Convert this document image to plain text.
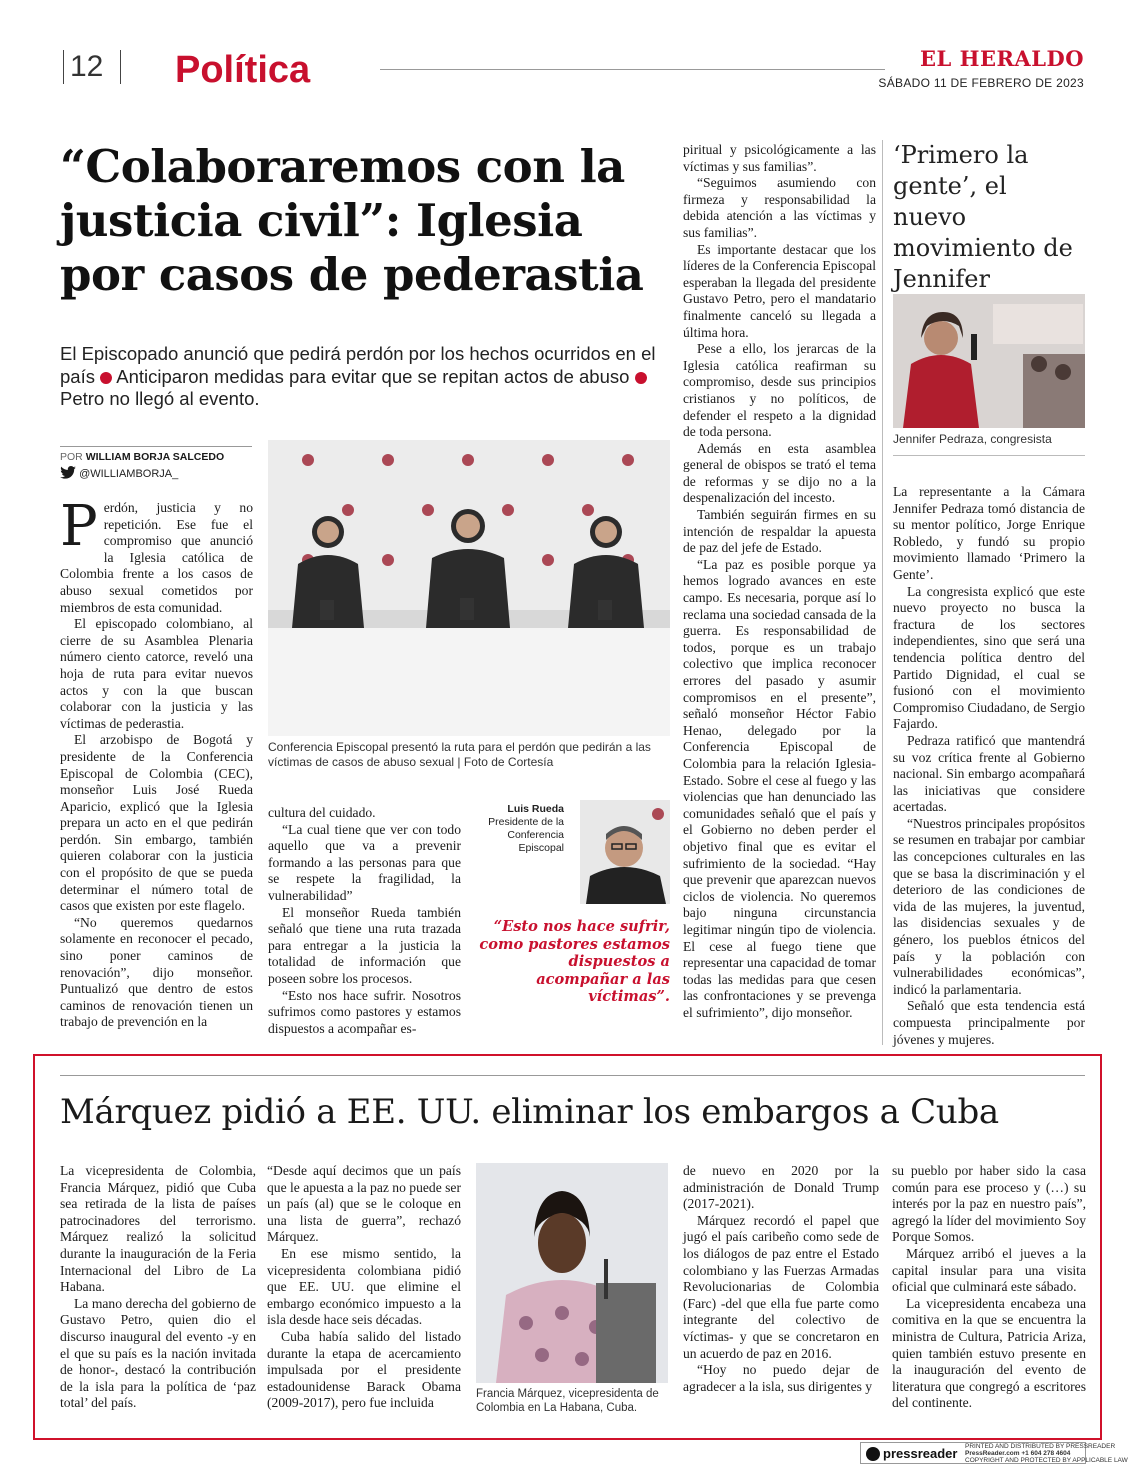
12 Política	EL HERALDO
SÁBADO 11 DE FEBRERO DE 2023
“Colaboraremos con la justicia civil”: Iglesia por casos de pederastia
El Episcopado anunció que pedirá perdón por los hechos ocurridos en el país Anticiparon medidas para evitar que se repitan actos de abuso  Petro no llegó al evento.
POR WILLIAM BORJA SALCEDO
@WILLIAMBORJA_

Perdón, justicia y no repetición. Ese fue el compromiso que anunció la Iglesia católica de Colombia frente a los casos de abuso sexual cometidos por miembros de esta comunidad.

El episcopado colombiano, al cierre de su Asamblea Plenaria número ciento catorce, reveló una hoja de ruta para evitar nuevos actos y con la que buscan colaborar con la justicia y las víctimas de pederastia.

El arzobispo de Bogotá y presidente de la Conferencia Episcopal de Colombia (CEC), monseñor Luis José Rueda Aparicio, explicó que la Iglesia prepara un acto en el que pedirán perdón. Sin embargo, también quieren colaborar con la justicia con el propósito de que se pueda determinar el número total de casos que existen por este flagelo.

“No queremos quedarnos solamente en reconocer el pecado, sino poner caminos de renovación”, dijo monseñor. Puntualizó que dentro de estos caminos de renovación tienen un trabajo de prevención en la

Conferencia Episcopal presentó la ruta para el perdón que pedirán a las víctimas de casos de abuso sexual | Foto de Cortesía

cultura del cuidado.

“La cual tiene que ver con todo aquello que va a prevenir formando a las personas para que se respete la fragilidad, la vulnerabilidad”

El monseñor Rueda también señaló que tiene una ruta trazada para entregar a la justicia la totalidad de información que poseen sobre los procesos.

“Esto nos hace sufrir. Nosotros sufrimos como pastores y estamos dispuestos a acompañar es-

Luis Rueda
Presidente de la Conferencia Episcopal
“Esto nos hace sufrir, como pastores estamos dispuestos a acompañar a las víctimas”.

piritual y psicológicamente a las víctimas y sus familias”.

“Seguimos asumiendo con firmeza y responsabilidad la debida atención a las víctimas y sus familias”.

Es importante destacar que los líderes de la Conferencia Episcopal esperaban la llegada del presidente Gustavo Petro, pero el mandatario finalmente canceló su llegada a última hora.

Pese a ello, los jerarcas de la Iglesia católica reafirman su compromiso, desde sus principios cristianos y no políticos, de defender el respeto a la dignidad de toda persona.

Además en esta asamblea general de obispos se trató el tema de reformas y se dijo no a la despenalización del incesto.

También seguirán firmes en su intención de respaldar la apuesta de paz del jefe de Estado.

“La paz es posible porque ya hemos logrado avances en este campo. Es necesaria, porque así lo reclama una sociedad cansada de la guerra. Es responsabilidad de todos, porque es un trabajo colectivo que implica reconocer errores del pasado y asumir compromisos en el presente”, señaló monseñor Héctor Fabio Henao, delegado por la Conferencia Episcopal de Colombia para la relación Iglesia-Estado. Sobre el cese al fuego y las violencias que han denunciado las comunidades señaló que el país y el Gobierno no deben perder el objetivo final que es evitar el sufrimiento de la sociedad. “Hay que prevenir que aparezcan nuevos ciclos de violencia. No queremos bajo ninguna circunstancia legitimar ningún tipo de violencia. El cese al fuego tiene que representar una capacidad de tomar todas las medidas para que cesen las confrontaciones y se prevenga el sufrimiento”, dijo monseñor.

‘Primero la gente’, el nuevo movimiento de Jennifer
Jennifer Pedraza, congresista

La representante a la Cámara Jennifer Pedraza tomó distancia de su mentor político, Jorge Enrique Robledo, y fundó su propio movimiento llamado ‘Primero la Gente’.

La congresista explicó que este nuevo proyecto no busca la fractura de los sectores independientes, sino que será una tendencia política dentro del Partido Dignidad, el cual se fusionó con el movimiento Compromiso Ciudadano, de Sergio Fajardo.

Pedraza ratificó que mantendrá su voz crítica frente al Gobierno nacional. Sin embargo acompañará las iniciativas que considere acertadas.

“Nuestros principales propósitos se resumen en trabajar por cambiar las concepciones culturales en las que se basa la discriminación y el deterioro de las condiciones de vida de las mujeres, la juventud, las disidencias sexuales y de género, los pueblos étnicos del país y la población con vulnerabilidades económicas”, indicó la parlamentaria.

Señaló que esta tendencia está compuesta principalmente por jóvenes y mujeres.

Márquez pidió a EE. UU. eliminar los embargos a Cuba

La vicepresidenta de Colombia, Francia Márquez, pidió que Cuba sea retirada de la lista de países patrocinadores del terrorismo. Márquez realizó la solicitud durante la inauguración de la Feria Internacional del Libro de La Habana.

La mano derecha del gobierno de Gustavo Petro, quien dio el discurso inaugural del evento -y en el que su país es la nación invitada de honor-, destacó la contribución de la isla para la política de ‘paz total’ del país.

“Desde aquí decimos que un país que le apuesta a la paz no puede ser un país (al) que se le coloque en una lista de guerra”, rechazó Márquez.

En ese mismo sentido, la vicepresidenta colombiana pidió que EE. UU. que elimine el embargo económico impuesto a la isla desde hace seis décadas.

Cuba había salido del listado durante la etapa de acercamiento impulsada por el presidente estadounidense Barack Obama (2009-2017), pero fue incluida

Francia Márquez, vicepresidenta de Colombia en La Habana, Cuba.

de nuevo en 2020 por la administración de Donald Trump (2017-2021).

Márquez recordó el papel que jugó el país caribeño como sede de los diálogos de paz entre el Estado colombiano y las Fuerzas Armadas Revolucionarias de Colombia (Farc) -del que ella fue parte como integrante del colectivo de víctimas- y que se concretaron en un acuerdo de paz en 2016.

“Hoy no puedo dejar de agradecer a la isla, sus dirigentes y

su pueblo por haber sido la casa común para ese proceso y (…) su interés por la paz en nuestro país”, agregó la líder del movimiento Soy Porque Somos.

Márquez arribó el jueves a la capital insular para una visita oficial que culminará este sábado.

La vicepresidenta encabeza una comitiva en la que se encuentra la ministra de Cultura, Patricia Ariza, quien también estuvo presente en la inauguración del evento de literatura que congregó a escritores del continente.

pressreader PRINTED AND DISTRIBUTED BY PRESSREADER
PressReader.com +1 604 278 4604
COPYRIGHT AND PROTECTED BY APPLICABLE LAW
